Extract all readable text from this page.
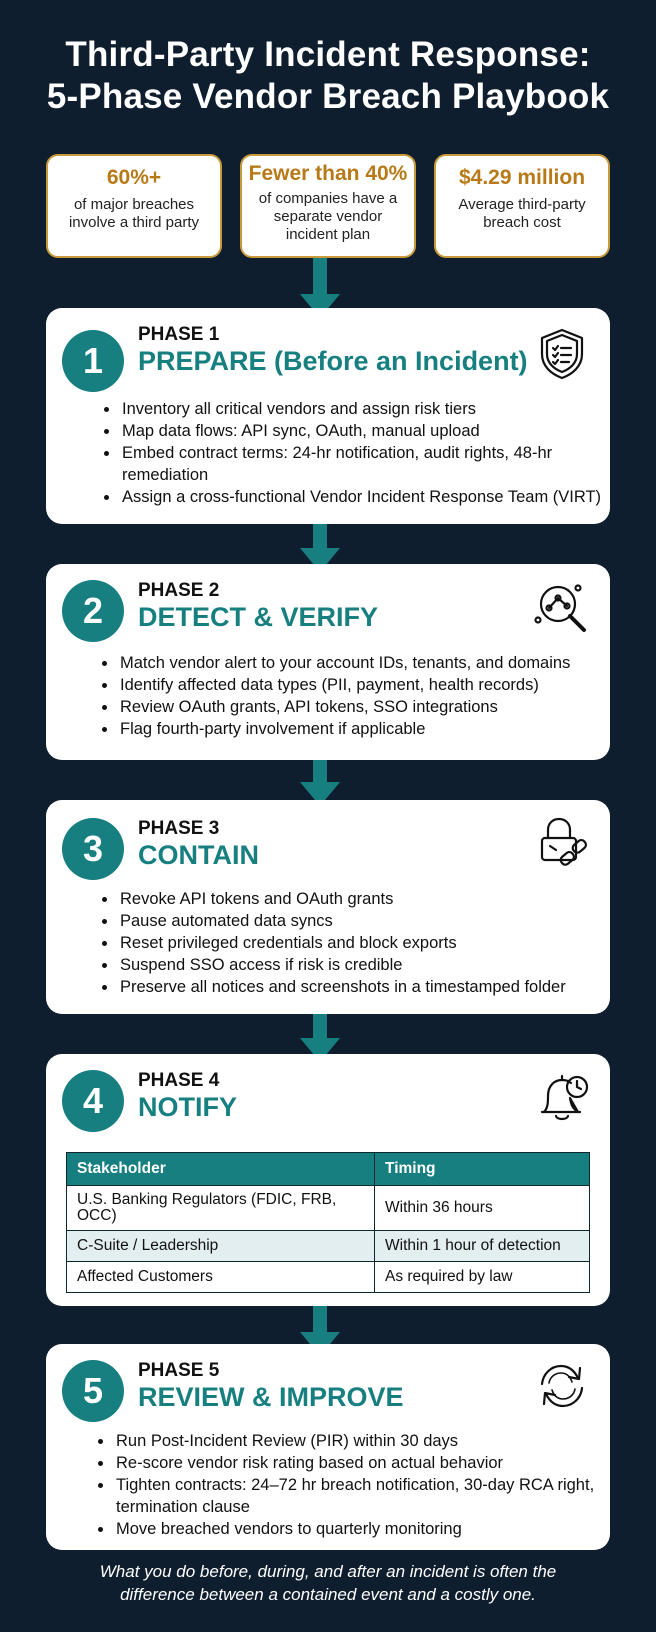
Third-Party Incident Response:
5-Phase Vendor Breach Playbook
60%+
of major breaches
involve a third party
Fewer than 40%
of companies have a
separate vendor
incident plan
$4.29 million
Average third-party
breach cost
1
PHASE 1
PREPARE (Before an Incident)
• Inventory all critical vendors and assign risk tiers
• Map data flows: API sync, OAuth, manual upload
• Embed contract terms: 24-hr notification, audit rights, 48-hr remediation
• Assign a cross-functional Vendor Incident Response Team (VIRT)
2	PHASE 2
DETECT & VERIFY
• Match vendor alert to your account IDs, tenants, and domains
• Identify affected data types (PII, payment, health records)
• Review OAuth grants, API tokens, SSO integrations
• Flag fourth-party involvement if applicable
3	PHASE 3
CONTAIN
• Revoke API tokens and OAuth grants
• Pause automated data syncs
• Reset privileged credentials and block exports
• Suspend SSO access if risk is credible
• Preserve all notices and screenshots in a timestamped folder
4	PHASE 4
NOTIFY
Stakeholder	Timing
U.S. Banking Regulators (FDIC, FRB, OCC)	Within 36 hours
C-Suite / Leadership	Within 1 hour of detection
Affected Customers	As required by law
5	PHASE 5
REVIEW & IMPROVE
• Run Post-Incident Review (PIR) within 30 days
• Re-score vendor risk rating based on actual behavior
• Tighten contracts: 24–72 hr breach notification, 30-day RCA right, termination clause
• Move breached vendors to quarterly monitoring
What you do before, during, and after an incident is often the
difference between a contained event and a costly one.
